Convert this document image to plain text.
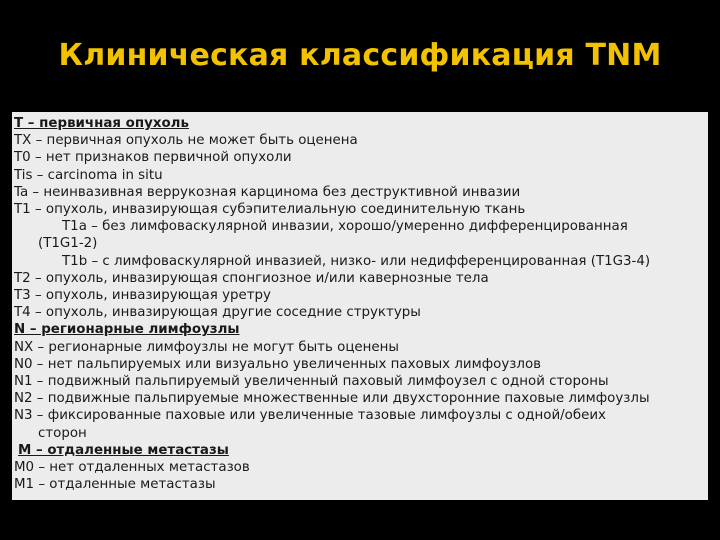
Клиническая классификация TNM
T – первичная опухоль
TX – первичная опухоль не может быть оценена
T0 – нет признаков первичной опухоли
Tis – carcinoma in situ
Ta – неинвазивная веррукозная карцинома без деструктивной инвазии
T1 – опухоль, инвазирующая субэпителиальную соединительную ткань
T1a – без лимфоваскулярной инвазии, хорошо/умеренно дифференцированная
(T1G1-2)
T1b – с лимфоваскулярной инвазией, низко- или недифференцированная (T1G3-4)
T2 – опухоль, инвазирующая спонгиозное и/или кавернозные тела
T3 – опухоль, инвазирующая уретру
T4 – опухоль, инвазирующая другие соседние структуры
N – регионарные лимфоузлы
NX – регионарные лимфоузлы не могут быть оценены
N0 – нет пальпируемых или визуально увеличенных паховых лимфоузлов
N1 – подвижный пальпируемый увеличенный паховый лимфоузел с одной стороны
N2 – подвижные пальпируемые множественные или двухсторонние паховые лимфоузлы
N3 – фиксированные паховые или увеличенные тазовые лимфоузлы с одной/обеих
сторон
M – отдаленные метастазы
M0 – нет отдаленных метастазов
M1 – отдаленные метастазы
